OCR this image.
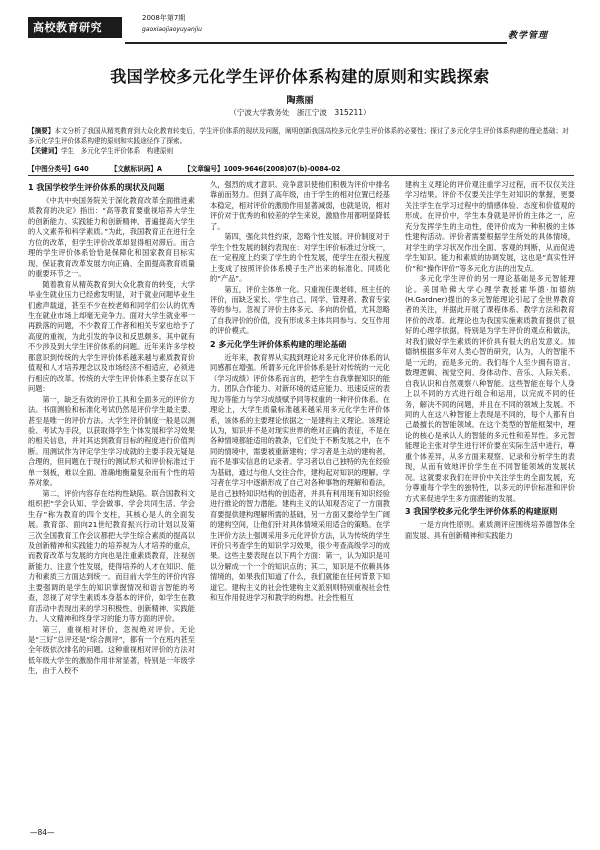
高校教育研究
2008年第7期
gaoxiaojiaoyuyanjiu
教学管理
我国学校多元化学生评价体系构建的原则和实践探索
陶燕丽
（宁波大学教务处　浙江宁波　315211）
【摘要】本文分析了我国从精英教育到大众化教育转变后，学生评价体系的现状及问题，阐明创新我国高校多元化学生评价体系的必要性；探讨了多元化学生评价体系构建的理论基础；对多元化学生评价体系构建的原则和实践途径作了探索。
【关键词】学生　多元化学生评价体系　构建原则
【中图分类号】G40	【文献标识码】A	【文章编号】1009-9646(2008)07(b)-0084-02
1 我国学校学生评价体系的现状及问题

《中共中央国务院关于深化教育改革全面推进素质教育的决定》指出：“高等教育要重视培养大学生的创新能力、实践能力和创新精神，普遍提高大学生的人文素养和科学素质。”为此，我国教育正在进行全方位的改革，但学生评价改革却显得相对滞后。而合理的学生评价体系恰恰是保障化和国家教育目标实现、保证教育改革发展方向正确、全面提高教育质量的重要环节之一。

随着教育从精英教育到大众化教育的转变，大学毕业生就业压力已经愈发明显，对于就业问题毕业生们愈声载道，甚至不少在校老师和同学们公认的优秀生在就业市场上却毫无竞争力。面对大学生就业率一再跌落的问题，不少教育工作者和相关专家也给予了高度的重视，为此引发的争议和反思颇多。其中就有不少涉及到大学生评价体系的问题。近年来许多学校都意识到传统的大学生评价体系越来越与素质教育价值观和人才培养理念以及市场经济不相适应，必须进行相应的改革。传统的大学生评价体系主要存在以下问题：

第一，缺乏有效的评价工具和全面多元的评价方法。书面测验和标准化考试仍然是评价学生最主要、甚至是唯一的评价方法。大学生评价制度一般是以测验、考试为手段，以获取得学生个体发展和学习效果的相关信息，并对其达到教育目标的程度进行价值判断。用测试作为评定学生学习成就的主要手段无疑是合理的，但问题在于现行的测试形式和评价标准过于单一刻板，难以全面、准确地衡量复杂而有个性的培养对象。

第二，评价内容存在结构性缺陷。联合国教科文组织把“学会认知、学会做事、学会共同生活、学会生存”称为教育的四个支柱，其核心是人的全面发展。教育部、面向21世纪教育振兴行动计划以及第三次全国教育工作会议都把大学生综合素质的提高以及创新精神和实践能力的培养视为人才培养的重点，而教育改革与发展的方向也是注重素质教育，注视创新能力、注意个性发展，使得培养的人才在知识、能力和素质三方面达到统一。而目前大学生的评价内容主要强调的是学生的知识掌握情况和语言智能的考查，忽视了对学生素质本身基本的评价，如学生在教育活动中表现出来的学习积极性、创新精神、实践能力、人文精神和终身学习的能力等方面的评价。

第三，重视相对评价，忽视绝对评价。无论是“三好”总评还是“综合测评”，都有一个在班内甚至全年级依次排名的问题。这种重视相对评价的方法对低年级大学生的激励作用非常显著，特别是一年级学生，由于入校不

久，强烈的成才意识、竞争意识使他们积极为评价中排名靠前而努力。但到了高年级，由于学生的相对位置已经基本稳定，相对评价的激励作用显著减弱，也就是说，相对评价对于优秀的和较差的学生来说，激励作用都明显降低了。

第四，强化共性约束，忽略个性发展。评价制度对于学生个性发展的制约表现在：对学生评价标准过分统一，在一定程度上约束了学生的个性发展，使学生在很大程度上变成了按照评价体系模子生产出来的标准化、同质化的“产品”。

第五，评价主体单一化。只重视任课老师、班主任的评价，而缺乏家长、学生自己、同学、管理者、教育专家等的参与。忽视了评价主体多元、多向的价值，尤其忽略了自我评价的价值，没有形成多主体共同参与、交互作用的评价模式。

2 多元化学生评价体系构建的理论基础

近年来，教育界从实践到理论对多元化评价体系的认同感都在增强。所谓多元化评价体系是针对传统的一元化（学习成绩）评价体系而言的，把学生自我掌握知识的能力、团队合作能力、对新环境的适应能力、迅速反应的表现力等能力与学习成绩赋予同等权重的一种评价体系。在理论上，大学生质量标准越来越采用多元化学生评价体系，该体系的主要理论依据之一是建构主义理论。该理论认为，知识并不是对现实世界的绝对正确的表征，不是在各种情境都能适用的教条，它们处于不断发展之中，在不同的情境中，需要被重新建构；学习者是主动的建构者，而不是事实信息的记录者。学习者以自己独特的先在经验为基础，通过与他人交往合作，建构起对知识的理解。学习者在学习中逐渐形成了自己对各种事物的理解和看法，是自己独特知识结构的创造者，并具有利用现有知识经验进行推论的智力潜能。建构主义的认知观否定了一方面教育要提供建构理解所需的基础，另一方面又要给学生广阔的建构空间，让他们针对具体情境采用适合的策略。在学生评价方法上强调采用多元化评价方法，认为传统的学生评价只考查学生的知识学习效果，很少考查高级学习的成果。这些主要表现在以下两个方面：第一，认为知识是可以分解成一个一个的知识点的；其二，知识是不依赖具体情境的，如果我们知道了什么，我们就能在任何背景下知道它。建构主义的社会性建构主义派别则特别重视社会性和互作用促进学习和教学的构想。社会性相互

建构主义理论的评价观注重学习过程，而不仅仅关注学习结果。评价不仅要关注学生对知识的掌握，更要关注学生在学习过程中的情感体验、态度和价值观的形成。在评价中，学生本身就是评价的主体之一，应充分发挥学生的主动性，使评价成为一种积极的主体性建构活动。评价者需要根据学生所处的具体情境，对学生的学习状况作出全面、客观的判断，从而促进学生知识、能力和素质的协调发展，这也是“真实性评价”和“操作评价”等多元化方法的出发点。

多元化学生评价的另一理论基础是多元智能理论。美国哈佛大学心理学教授霍华德·加德纳(H.Gardner)提出的多元智能理论引起了全世界教育者的关注，并据此开展了课程体系、教学方法和教育评价的改革。此理论也为我国实施素质教育提供了很好的心理学依据，特别是为学生评价的观点和做法，对我们做好学生素质的评价具有很大的启发意义。加德纳根据多年对人类心智的研究，认为，人的智能不是一元的，而是多元的。我们每个人至少拥有语言、数理逻辑、视觉空间、身体动作、音乐、人际关系、自我认识和自然观察八种智能。这些智能在每个人身上以不同的方式进行组合和运用，以完成不同的任务，解决不同的问题，并且在不同的领域上发展。不同的人在这八种智能上表现是不同的，每个人都有自己最擅长的智能领域。在这个类型的智能框架中，理论的核心是承认人的智能的多元性和差异性。多元智能理论主张对学生进行评价要在实际生活中进行，尊重个体差异，从多方面来观察、记录和分析学生的表现，从而有效地评价学生在不同智能领域的发展状况。这就要求我们在评价中关注学生的全面发展，充分尊重每个学生的独特性，以多元的评价标准和评价方式来促进学生多方面潜能的发展。

3 我国学校多元化学生评价体系的构建原则

一是方向性原则。素质测评应围绕培养德智体全面发展、具有创新精神和实践能力

—84—
